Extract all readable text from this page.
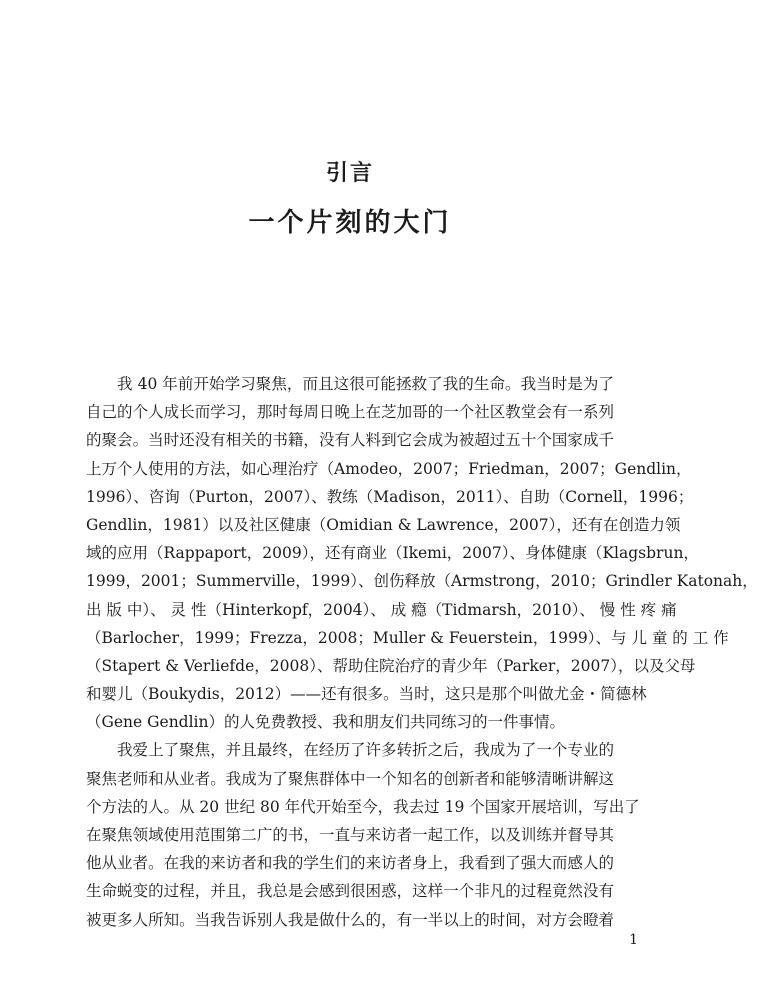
引言
一个片刻的大门
我 40 年前开始学习聚焦，而且这很可能拯救了我的生命。我当时是为了
自己的个人成长而学习，那时每周日晚上在芝加哥的一个社区教堂会有一系列
的聚会。当时还没有相关的书籍，没有人料到它会成为被超过五十个国家成千
上万个人使用的方法，如心理治疗（Amodeo，2007；Friedman，2007；Gendlin，
1996）、咨询（Purton，2007）、教练（Madison，2011）、自助（Cornell，1996；
Gendlin，1981）以及社区健康（Omidian & Lawrence，2007），还有在创造力领
域的应用（Rappaport，2009），还有商业（Ikemi，2007）、身体健康（Klagsbrun，
1999，2001；Summerville，1999）、创伤释放（Armstrong，2010；Grindler Katonah，
出 版 中）、 灵 性（Hinterkopf，2004）、 成 瘾（Tidmarsh，2010）、 慢 性 疼 痛
（Barlocher，1999；Frezza，2008；Muller & Feuerstein，1999）、与 儿 童 的 工 作
（Stapert & Verliefde，2008）、帮助住院治疗的青少年（Parker，2007），以及父母
和婴儿（Boukydis，2012）——还有很多。当时，这只是那个叫做尤金・简德林
（Gene Gendlin）的人免费教授、我和朋友们共同练习的一件事情。
我爱上了聚焦，并且最终，在经历了许多转折之后，我成为了一个专业的
聚焦老师和从业者。我成为了聚焦群体中一个知名的创新者和能够清晰讲解这
个方法的人。从 20 世纪 80 年代开始至今，我去过 19 个国家开展培训，写出了
在聚焦领域使用范围第二广的书，一直与来访者一起工作，以及训练并督导其
他从业者。在我的来访者和我的学生们的来访者身上，我看到了强大而感人的
生命蜕变的过程，并且，我总是会感到很困惑，这样一个非凡的过程竟然没有
被更多人所知。当我告诉别人我是做什么的，有一半以上的时间，对方会瞪着
1
